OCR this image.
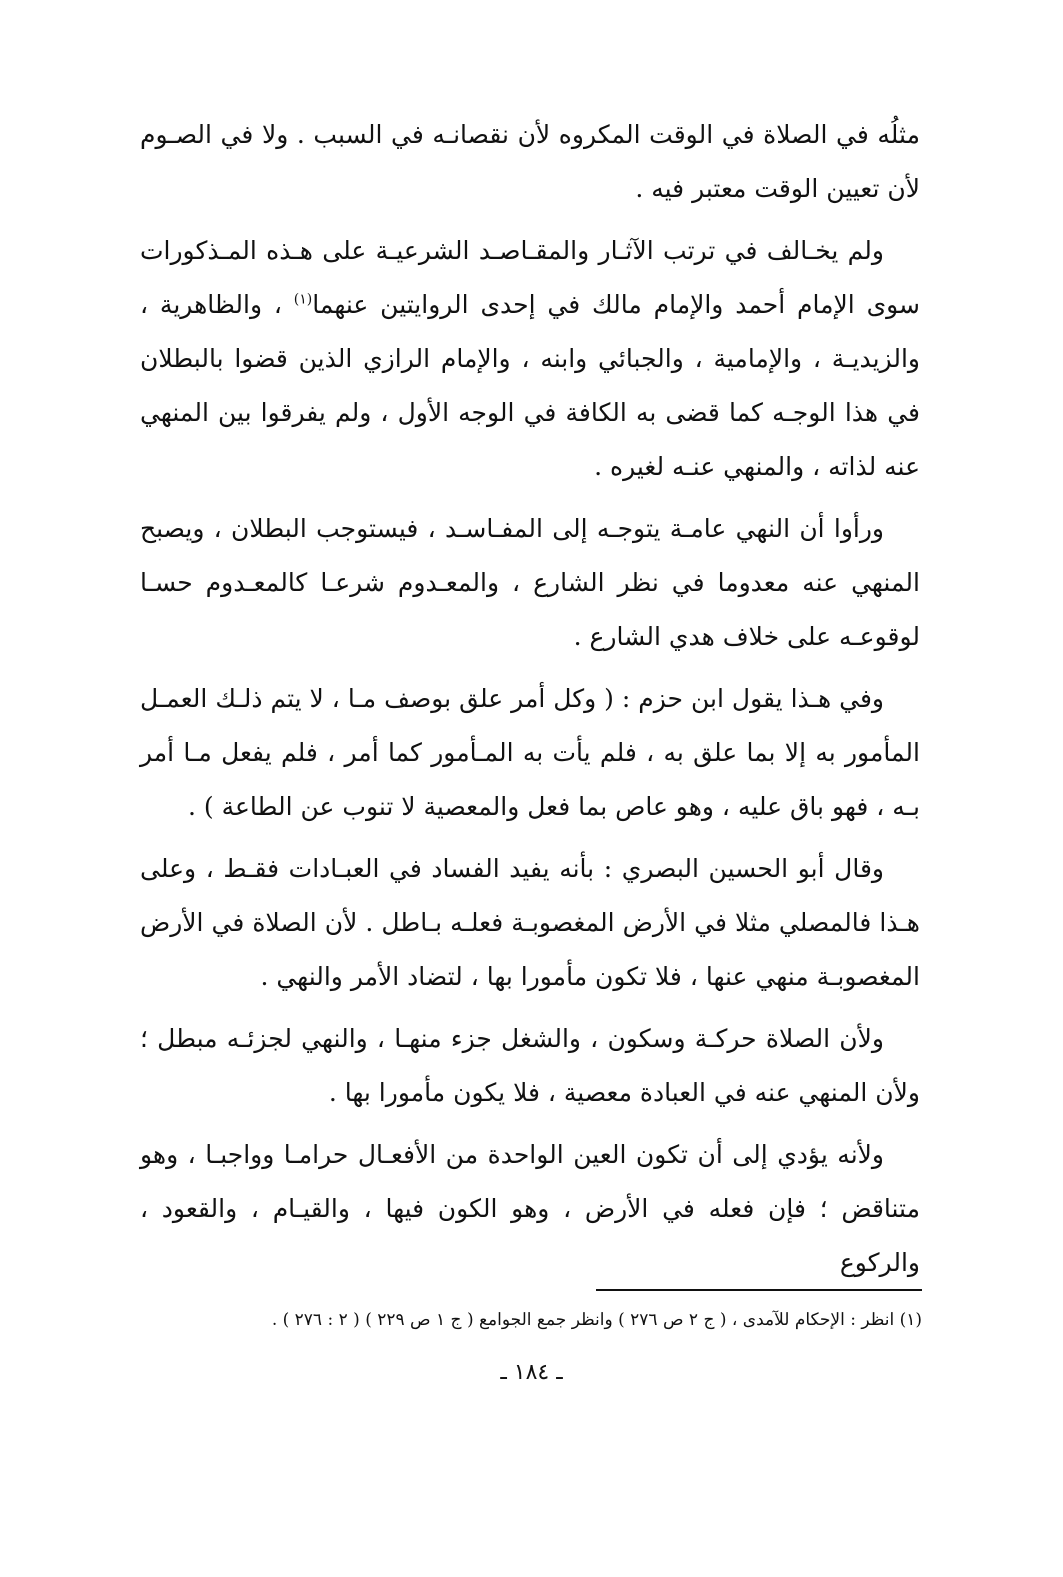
مثلُه في الصلاة في الوقت المكروه لأن نقصانـه في السبب . ولا في الصـوم لأن تعيين الوقت معتبر فيه .

ولم يخـالف في ترتب الآثـار والمقـاصـد الشرعيـة على هـذه المـذكورات سوى الإمام أحمد والإمام مالك في إحدى الروايتين عنهما$^{(١)}$ ، والظاهرية ، والزيديـة ، والإمامية ، والجبائي وابنه ، والإمام الرازي الذين قضوا بالبطلان في هذا الوجـه كما قضى به الكافة في الوجه الأول ، ولم يفرقوا بين المنهي عنه لذاته ، والمنهي عنـه لغيره .

ورأوا أن النهي عامـة يتوجـه إلى المفـاسـد ، فيستوجب البطلان ، ويصبح المنهي عنه معدوما في نظر الشارع ، والمعـدوم شرعـا كالمعـدوم حسـا لوقوعـه على خلاف هدي الشارع .

وفي هـذا يقول ابن حزم : ( وكل أمر علق بوصف مـا ، لا يتم ذلـك العمـل المأمور به إلا بما علق به ، فلم يأت به المـأمور كما أمر ، فلم يفعل مـا أمر بـه ، فهو باق عليه ، وهو عاص بما فعل والمعصية لا تنوب عن الطاعة ) .

وقال أبو الحسين البصري : بأنه يفيد الفساد في العبـادات فقـط ، وعلى هـذا فالمصلي مثلا في الأرض المغصوبـة فعلـه بـاطل . لأن الصلاة في الأرض المغصوبـة منهي عنها ، فلا تكون مأمورا بها ، لتضاد الأمر والنهي .

ولأن الصلاة حركـة وسكون ، والشغل جزء منهـا ، والنهي لجزئـه مبطل ؛ ولأن المنهي عنه في العبادة معصية ، فلا يكون مأمورا بها .

ولأنه يؤدي إلى أن تكون العين الواحدة من الأفعـال حرامـا وواجبـا ، وهو متناقض ؛ فإن فعله في الأرض ، وهو الكون فيها ، والقيـام ، والقعود ، والركوع

(١) انظر : الإحكام للآمدى ، ( ج ٢ ص ٢٧٦ ) وانظر جمع الجوامع ( ج ١ ص ٢٢٩ ) ( ٢ : ٢٧٦ ) .
ـ ١٨٤ ـ
